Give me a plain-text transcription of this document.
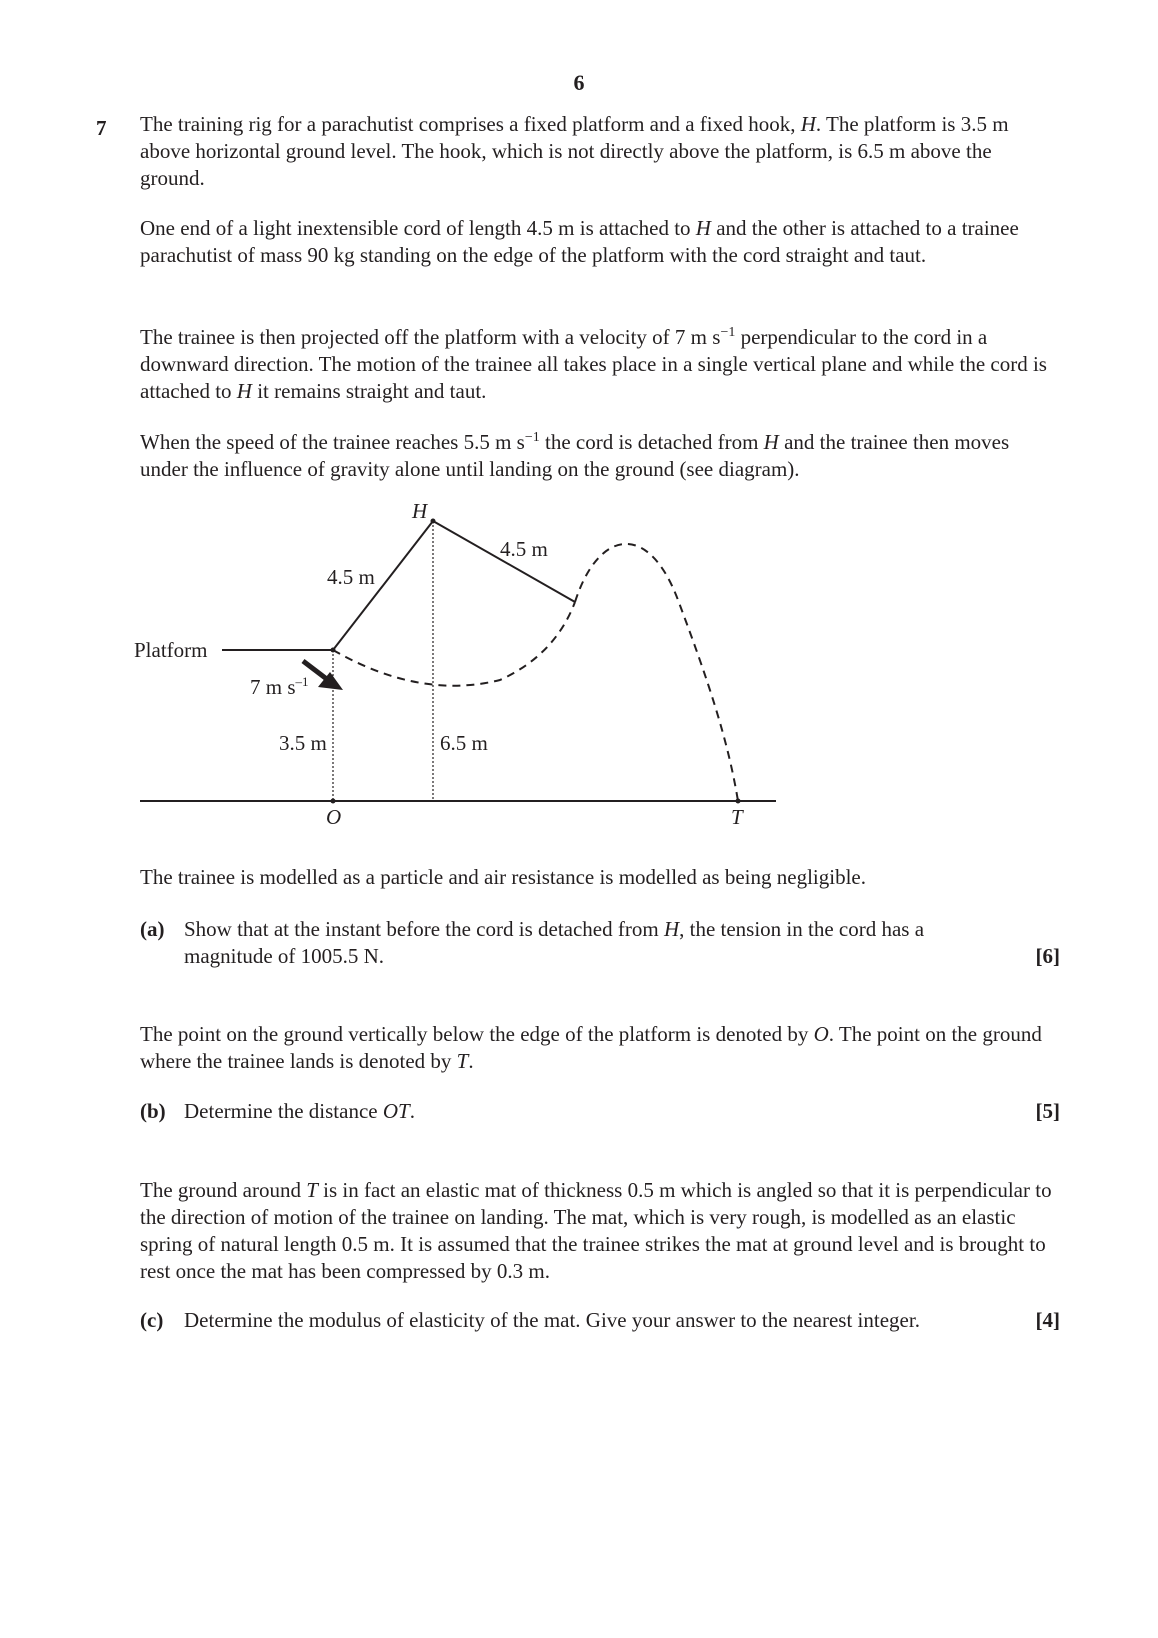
6
7 The training rig for a parachutist comprises a fixed platform and a fixed hook, H. The platform is 3.5 m above horizontal ground level. The hook, which is not directly above the platform, is 6.5 m above the ground.

One end of a light inextensible cord of length 4.5 m is attached to H and the other is attached to a trainee parachutist of mass 90 kg standing on the edge of the platform with the cord straight and taut.

The trainee is then projected off the platform with a velocity of 7 m $s^{-1}$ perpendicular to the cord in a downward direction. The motion of the trainee all takes place in a single vertical plane and while the cord is attached to H it remains straight and taut.

When the speed of the trainee reaches 5.5 m $s^{-1}$ the cord is detached from H and the trainee then moves under the influence of gravity alone until landing on the ground (see diagram).

H
4.5 m
4.5 m
Platform
7 m $s^{-1}$
3.5 m	6.5 m
O	T

The trainee is modelled as a particle and air resistance is modelled as being negligible.

(a) Show that at the instant before the cord is detached from H, the tension in the cord has a magnitude of 1005.5 N.	[6]

The point on the ground vertically below the edge of the platform is denoted by O. The point on the ground where the trainee lands is denoted by T.

(b) Determine the distance OT.	[5]

The ground around T is in fact an elastic mat of thickness 0.5 m which is angled so that it is perpendicular to the direction of motion of the trainee on landing. The mat, which is very rough, is modelled as an elastic spring of natural length 0.5 m. It is assumed that the trainee strikes the mat at ground level and is brought to rest once the mat has been compressed by 0.3 m.

(c) Determine the modulus of elasticity of the mat. Give your answer to the nearest integer.	[4]
